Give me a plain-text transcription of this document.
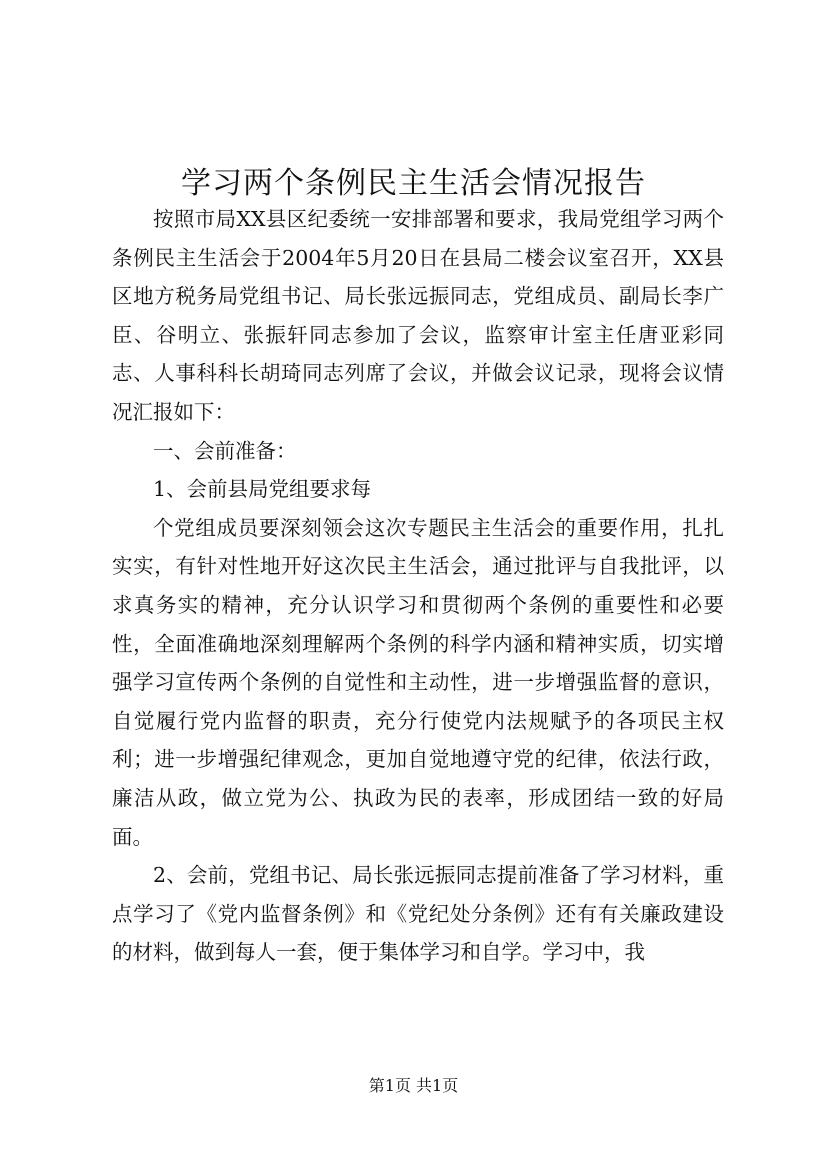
学习两个条例民主生活会情况报告

按照市局XX县区纪委统一安排部署和要求，我局党组学习两个条例民主生活会于2004年5月20日在县局二楼会议室召开，XX县区地方税务局党组书记、局长张远振同志，党组成员、副局长李广臣、谷明立、张振轩同志参加了会议，监察审计室主任唐亚彩同志、人事科科长胡琦同志列席了会议，并做会议记录，现将会议情况汇报如下：

一、会前准备：

1、会前县局党组要求每

个党组成员要深刻领会这次专题民主生活会的重要作用，扎扎实实，有针对性地开好这次民主生活会，通过批评与自我批评，以求真务实的精神，充分认识学习和贯彻两个条例的重要性和必要性，全面准确地深刻理解两个条例的科学内涵和精神实质，切实增强学习宣传两个条例的自觉性和主动性，进一步增强监督的意识，自觉履行党内监督的职责，充分行使党内法规赋予的各项民主权利；进一步增强纪律观念，更加自觉地遵守党的纪律，依法行政，廉洁从政，做立党为公、执政为民的表率，形成团结一致的好局面。

2、会前，党组书记、局长张远振同志提前准备了学习材料，重点学习了《党内监督条例》和《党纪处分条例》还有有关廉政建设的材料，做到每人一套，便于集体学习和自学。学习中，我

第1页 共1页
